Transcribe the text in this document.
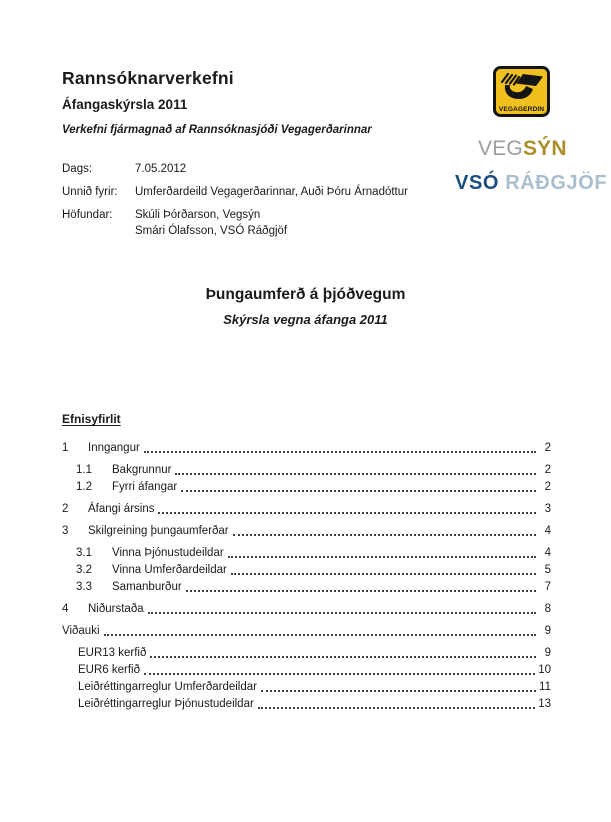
Rannsóknarverkefni
Áfangaskýrsla 2011
Verkefni fjármagnað af Rannsóknasjóði Vegagerðarinnar
Dags:	7.05.2012
Unnið fyrir:	Umferðardeild Vegagerðarinnar, Auði Þóru Árnadóttur
Höfundar:	Skúli Þórðarson, Vegsýn
Smári Ólafsson, VSÓ Ráðgjöf
VEGAGERDIN
VEGSÝN
VSÓ RÁÐGJÖF
Þungaumferð á þjóðvegum
Skýrsla vegna áfanga 2011
Efnisyfirlit
1	Inngangur	2
1.1	Bakgrunnur	2
1.2	Fyrri áfangar	2
2	Áfangi ársins	3
3	Skilgreining þungaumferðar	4
3.1	Vinna Þjónustudeildar	4
3.2	Vinna Umferðardeildar	5
3.3	Samanburður	7
4	Niðurstaða	8
Viðauki	9
EUR13 kerfið	9
EUR6 kerfið	10
Leiðréttingarreglur Umferðardeildar	11
Leiðréttingarreglur Þjónustudeildar	13
